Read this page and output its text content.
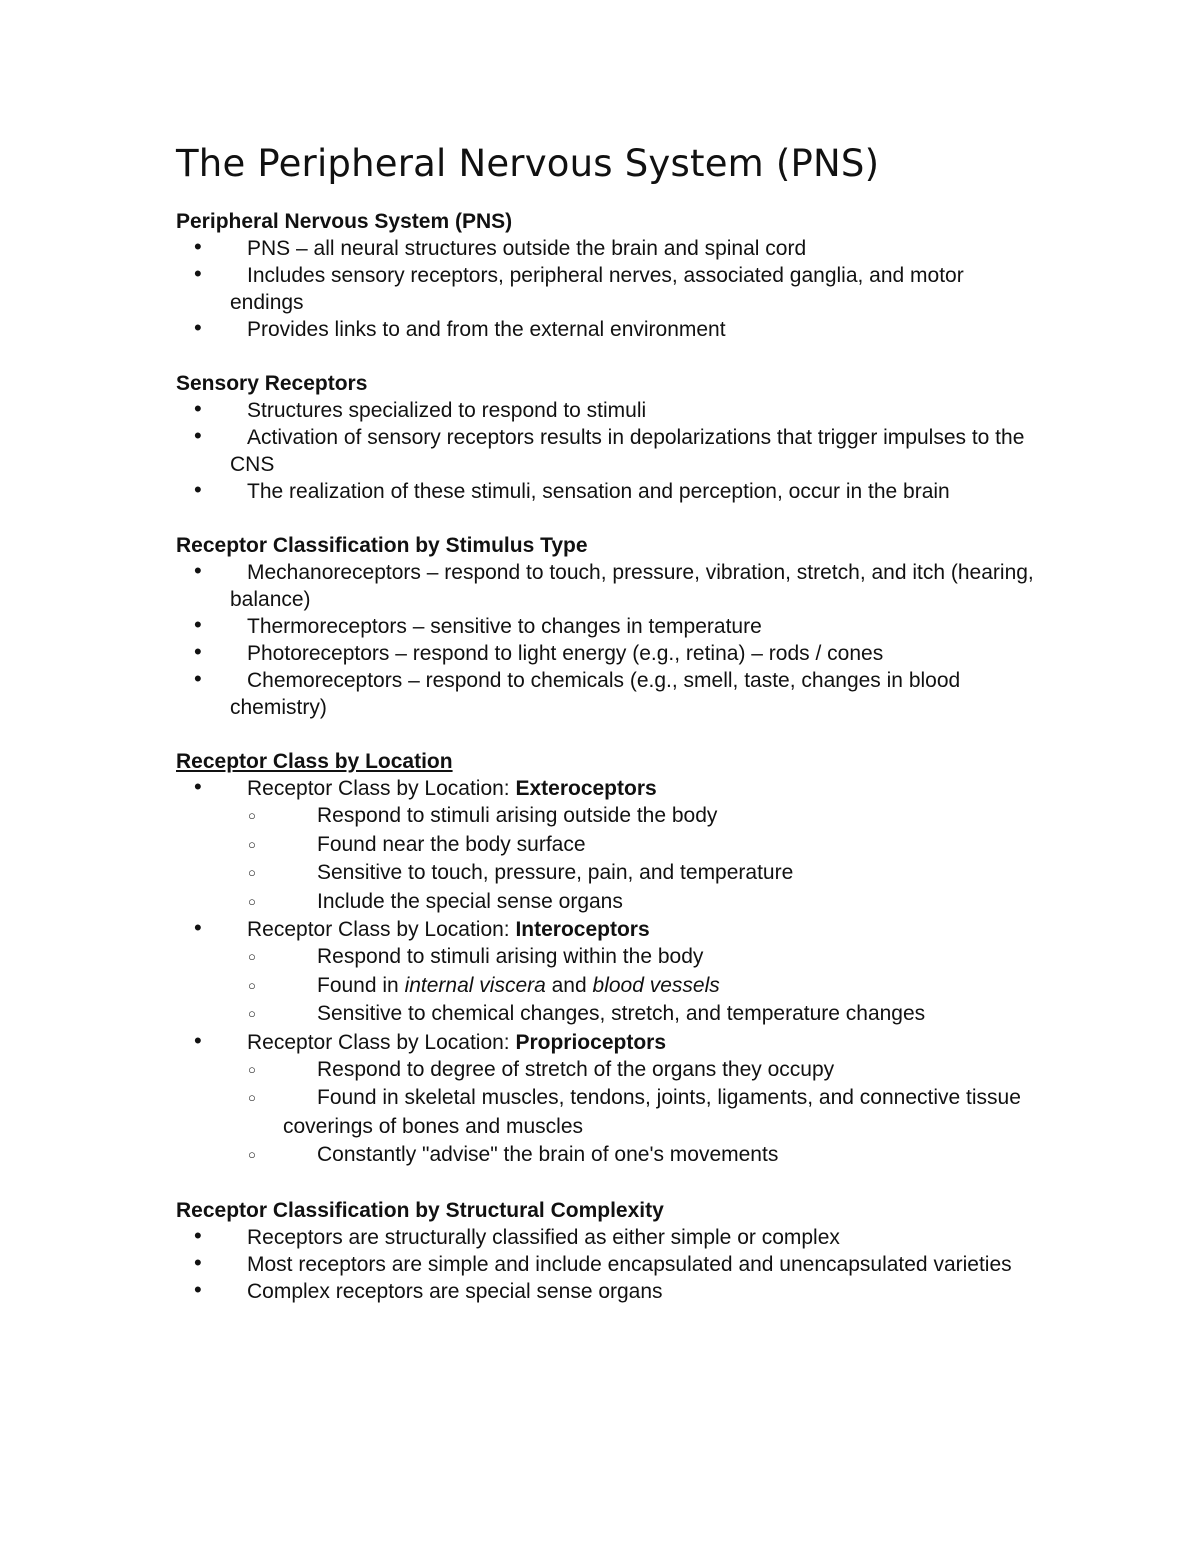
The Peripheral Nervous System (PNS)

Peripheral Nervous System (PNS)

• PNS – all neural structures outside the brain and spinal cord
• Includes sensory receptors, peripheral nerves, associated ganglia, and motor endings
• Provides links to and from the external environment

Sensory Receptors

• Structures specialized to respond to stimuli
• Activation of sensory receptors results in depolarizations that trigger impulses to the CNS
• The realization of these stimuli, sensation and perception, occur in the brain

Receptor Classification by Stimulus Type

• Mechanoreceptors – respond to touch, pressure, vibration, stretch, and itch (hearing, balance)
• Thermoreceptors – sensitive to changes in temperature
• Photoreceptors – respond to light energy (e.g., retina) – rods / cones
• Chemoreceptors – respond to chemicals (e.g., smell, taste, changes in blood chemistry)

Receptor Class by Location

• Receptor Class by Location: Exteroceptors
○ Respond to stimuli arising outside the body
○ Found near the body surface
○ Sensitive to touch, pressure, pain, and temperature
○ Include the special sense organs
• Receptor Class by Location: Interoceptors
○ Respond to stimuli arising within the body
○ Found in internal viscera and blood vessels
○ Sensitive to chemical changes, stretch, and temperature changes
• Receptor Class by Location: Proprioceptors
○ Respond to degree of stretch of the organs they occupy
○ Found in skeletal muscles, tendons, joints, ligaments, and connective tissue coverings of bones and muscles
○ Constantly "advise" the brain of one's movements

Receptor Classification by Structural Complexity

• Receptors are structurally classified as either simple or complex
• Most receptors are simple and include encapsulated and unencapsulated varieties
• Complex receptors are special sense organs
